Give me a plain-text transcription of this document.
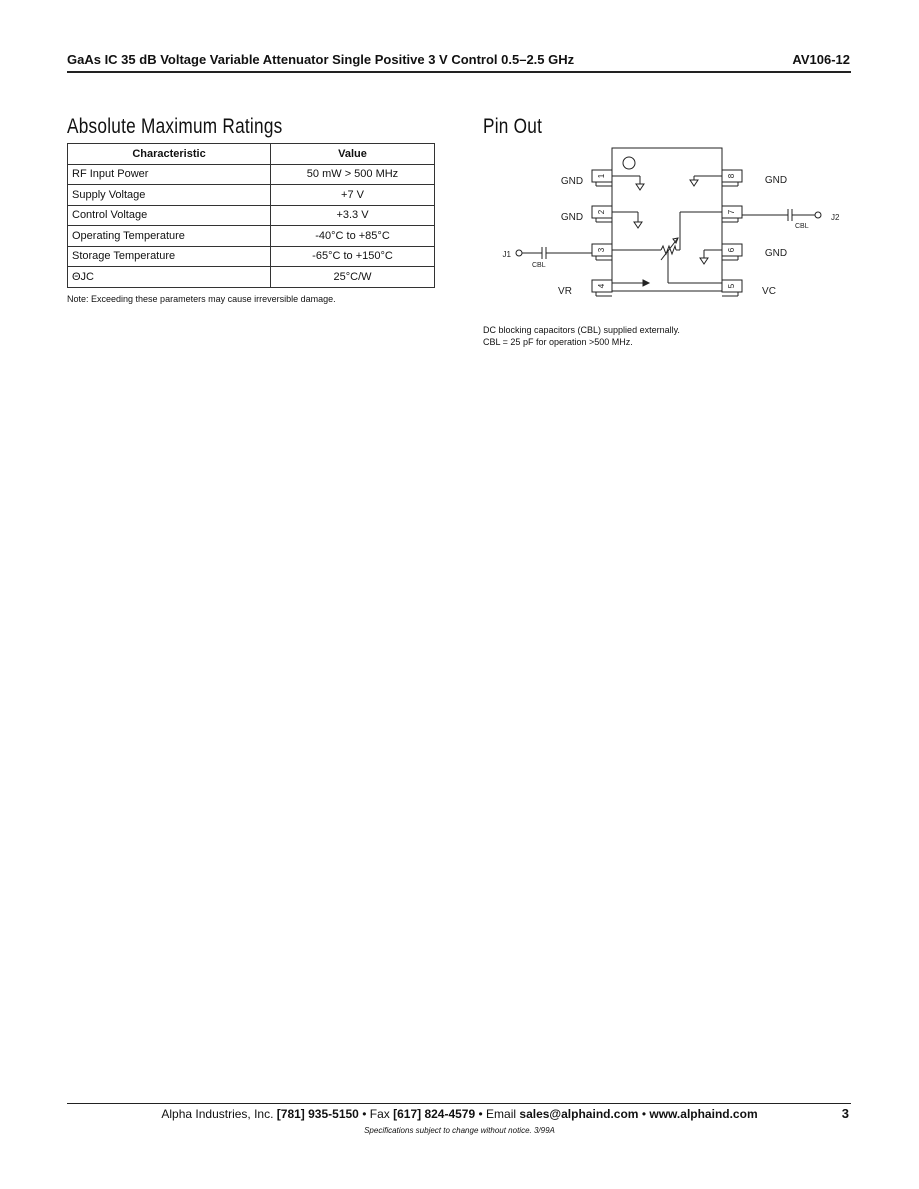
GaAs IC 35 dB Voltage Variable Attenuator Single Positive 3 V Control 0.5–2.5 GHz	AV106-12
Absolute Maximum Ratings
Characteristic	Value
RF Input Power	50 mW > 500 MHz
Supply Voltage	+7 V
Control Voltage	+3.3 V
Operating Temperature	-40°C to +85°C
Storage Temperature	-65°C to +150°C
ΘJC	25°C/W
Note: Exceeding these parameters may cause irreversible damage.
Pin Out
1
2
3
4	5
6
7
8
GND
GND
J1
VR	VC
GND
J2
GND
CBL
CBL
DC blocking capacitors (CBL) supplied externally.
CBL = 25 pF for operation >500 MHz.
Alpha Industries, Inc. [781] 935-5150 • Fax [617] 824-4579 • Email sales@alphaind.com • www.alphaind.com	3
Specifications subject to change without notice. 3/99A
